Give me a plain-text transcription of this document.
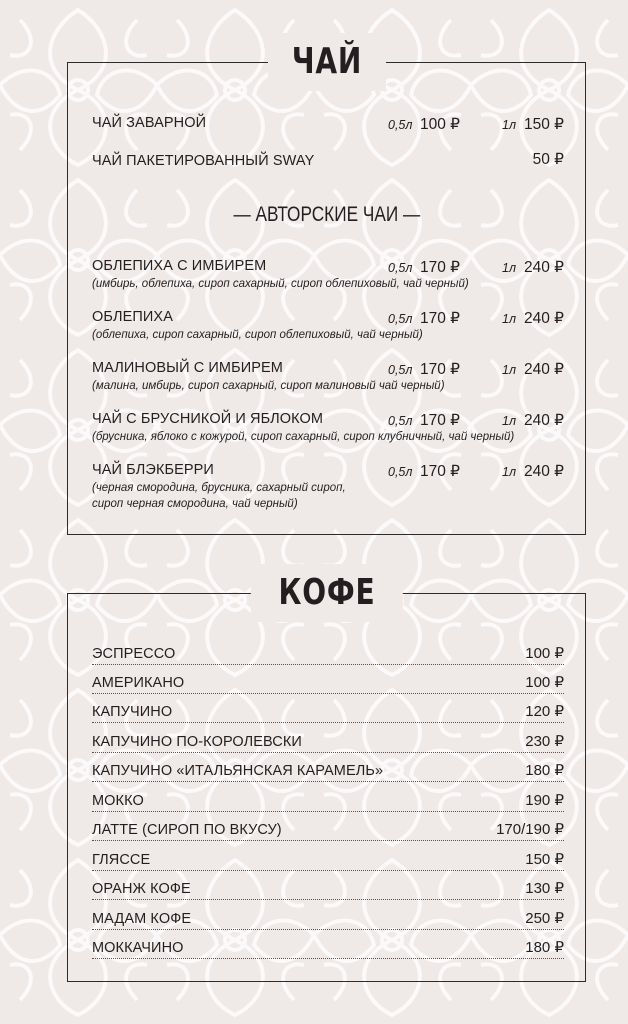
ЧАЙ
ЧАЙ ЗАВАРНОЙ	0,5л 100 ₽	1л 150 ₽
ЧАЙ ПАКЕТИРОВАННЫЙ SWAY	50 ₽
— АВТОРСКИЕ ЧАИ —
ОБЛЕПИХА С ИМБИРЕМ
(имбирь, облепиха, сироп сахарный, сироп облепиховый, чай черный)
0,5л 170 ₽	1л 240 ₽
ОБЛЕПИХА
(облепиха, сироп сахарный, сироп облепиховый, чай черный)
0,5л 170 ₽	1л 240 ₽
МАЛИНОВЫЙ С ИМБИРЕМ
(малина, имбирь, сироп сахарный, сироп малиновый чай черный)
0,5л 170 ₽	1л 240 ₽
ЧАЙ С БРУСНИКОЙ И ЯБЛОКОМ
(брусника, яблоко с кожурой, сироп сахарный, сироп клубничный, чай черный)
0,5л 170 ₽	1л 240 ₽
ЧАЙ БЛЭКБЕРРИ
(черная смородина, брусника, сахарный сироп,
сироп черная смородина, чай черный)
0,5л 170 ₽	1л 240 ₽
КОФЕ
ЭСПРЕССО	100 ₽
АМЕРИКАНО	100 ₽
КАПУЧИНО	120 ₽
КАПУЧИНО ПО-КОРОЛЕВСКИ	230 ₽
КАПУЧИНО «ИТАЛЬЯНСКАЯ КАРАМЕЛЬ»	180 ₽
МОККО	190 ₽
ЛАТТЕ (СИРОП ПО ВКУСУ)	170/190 ₽
ГЛЯССЕ	150 ₽
ОРАНЖ КОФЕ	130 ₽
МАДАМ КОФЕ	250 ₽
МОККАЧИНО	180 ₽
